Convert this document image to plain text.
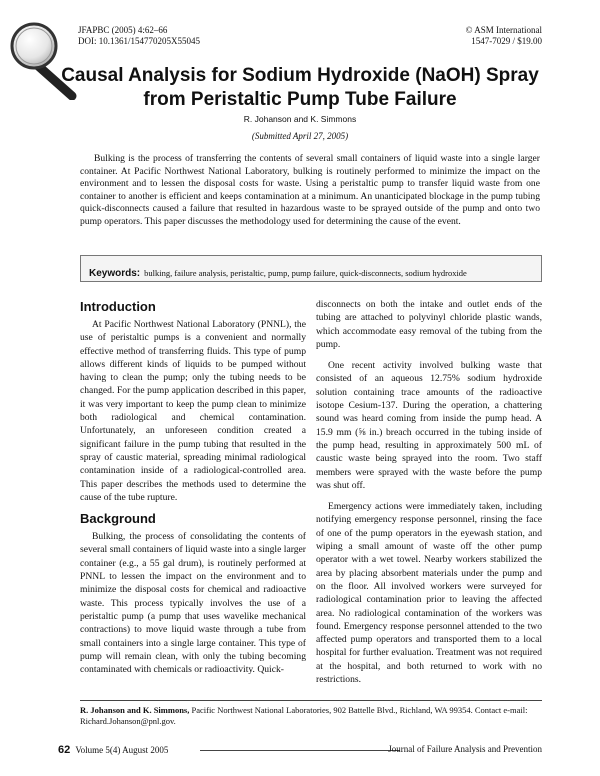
JFAPBC (2005) 4:62–66
DOI: 10.1361/154770205X55045
© ASM International
1547-7029 / $19.00
Causal Analysis for Sodium Hydroxide (NaOH) Spray
from Peristaltic Pump Tube Failure
R. Johanson and K. Simmons
(Submitted April 27, 2005)
Bulking is the process of transferring the contents of several small containers of liquid waste into a single larger container. At Pacific Northwest National Laboratory, bulking is routinely performed to minimize the impact on the environment and to lessen the disposal costs for waste. Using a peristaltic pump to transfer liquid waste from one container to another is efficient and keeps contamination at a minimum. An unanticipated blockage in the pump tubing quick-disconnects caused a failure that resulted in hazardous waste to be sprayed outside of the pump and onto two pump operators. This paper discusses the methodology used for determining the cause of the event.
Keywords: bulking, failure analysis, peristaltic, pump, pump failure, quick-disconnects, sodium hydroxide
Introduction

At Pacific Northwest National Laboratory (PNNL), the use of peristaltic pumps is a convenient and normally effective method of transferring fluids. This type of pump allows different kinds of liquids to be pumped without having to clean the pump; only the tubing needs to be changed. For the pump application described in this paper, it was very important to keep the pump clean to minimize both radiological and chemical contamination. Unfortunately, an unforeseen condition created a significant failure in the pump tubing that resulted in the spray of caustic material, spreading minimal radiological contamination inside of a radiological-controlled area. This paper describes the methods used to determine the cause of the tube rupture.

Background

Bulking, the process of consolidating the contents of several small containers of liquid waste into a single larger container (e.g., a 55 gal drum), is routinely performed at PNNL to lessen the impact on the environment and to minimize the disposal costs for chemical and radioactive waste. This process typically involves the use of a peristaltic pump (a pump that uses wavelike mechanical contractions) to move liquid waste through a tube from small containers into a single large container. This type of pump will remain clean, with only the tubing becoming contaminated with chemicals or radioactivity. Quick-

disconnects on both the intake and outlet ends of the tubing are attached to polyvinyl chloride plastic wands, which accommodate easy removal of the tubing from the pump.

One recent activity involved bulking waste that consisted of an aqueous 12.75% sodium hydroxide solution containing trace amounts of the radioactive isotope Cesium-137. During the operation, a chattering sound was heard coming from inside the pump head. A 15.9 mm (⅝ in.) breach occurred in the tubing inside of the pump head, resulting in approximately 500 mL of caustic waste being sprayed into the room. Two staff members were sprayed with the waste before the pump was shut off.

Emergency actions were immediately taken, including notifying emergency response personnel, rinsing the face of one of the pump operators in the eyewash station, and wiping a small amount of waste off the other pump operator with a wet towel. Nearby workers stabilized the area by placing absorbent materials under the pump and on the floor. All involved workers were surveyed for radiological contamination prior to leaving the affected area. No radiological contamination of the workers was found. Emergency response personnel attended to the two affected pump operators and transported them to a local hospital for further evaluation. Treatment was not required at the hospital, and both returned to work with no restrictions.

R. Johanson and K. Simmons, Pacific Northwest National Laboratories, 902 Battelle Blvd., Richland, WA 99354. Contact e-mail: Richard.Johanson@pnl.gov.
62 Volume 5(4) August 2005	Journal of Failure Analysis and Prevention
